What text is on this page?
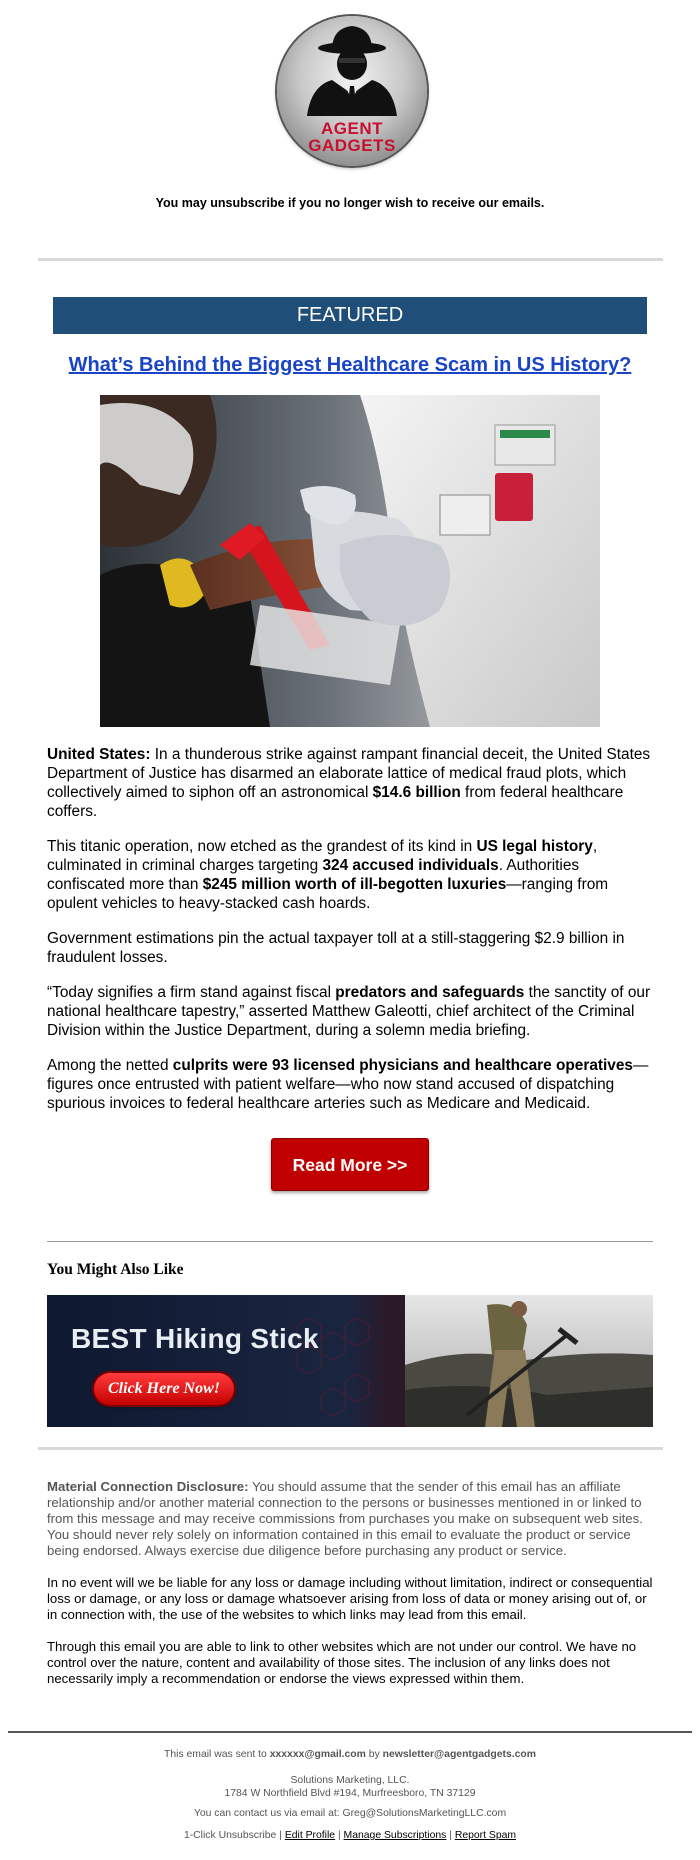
AGENT
GADGETS
You may unsubscribe if you no longer wish to receive our emails.
FEATURED
What’s Behind the Biggest Healthcare Scam in US History?

United States: In a thunderous strike against rampant financial deceit, the United States Department of Justice has disarmed an elaborate lattice of medical fraud plots, which collectively aimed to siphon off an astronomical $14.6 billion from federal healthcare coffers.

This titanic operation, now etched as the grandest of its kind in US legal history, culminated in criminal charges targeting 324 accused individuals. Authorities confiscated more than $245 million worth of ill-begotten luxuries—ranging from opulent vehicles to heavy-stacked cash hoards.

Government estimations pin the actual taxpayer toll at a still-staggering $2.9 billion in fraudulent losses.

“Today signifies a firm stand against fiscal predators and safeguards the sanctity of our national healthcare tapestry,” asserted Matthew Galeotti, chief architect of the Criminal Division within the Justice Department, during a solemn media briefing.

Among the netted culprits were 93 licensed physicians and healthcare operatives—figures once entrusted with patient welfare—who now stand accused of dispatching spurious invoices to federal healthcare arteries such as Medicare and Medicaid.

Read More >>
You Might Also Like
BEST Hiking Stick
Click Here Now!

Material Connection Disclosure: You should assume that the sender of this email has an affiliate relationship and/or another material connection to the persons or businesses mentioned in or linked to from this message and may receive commissions from purchases you make on subsequent web sites. You should never rely solely on information contained in this email to evaluate the product or service being endorsed. Always exercise due diligence before purchasing any product or service.

In no event will we be liable for any loss or damage including without limitation, indirect or consequential loss or damage, or any loss or damage whatsoever arising from loss of data or money arising out of, or in connection with, the use of the websites to which links may lead from this email.

Through this email you are able to link to other websites which are not under our control. We have no control over the nature, content and availability of those sites. The inclusion of any links does not necessarily imply a recommendation or endorse the views expressed within them.

This email was sent to xxxxxx@gmail.com by newsletter@agentgadgets.com
Solutions Marketing, LLC.
1784 W Northfield Blvd #194, Murfreesboro, TN 37129
You can contact us via email at: Greg@SolutionsMarketingLLC.com
1-Click Unsubscribe | Edit Profile | Manage Subscriptions | Report Spam
